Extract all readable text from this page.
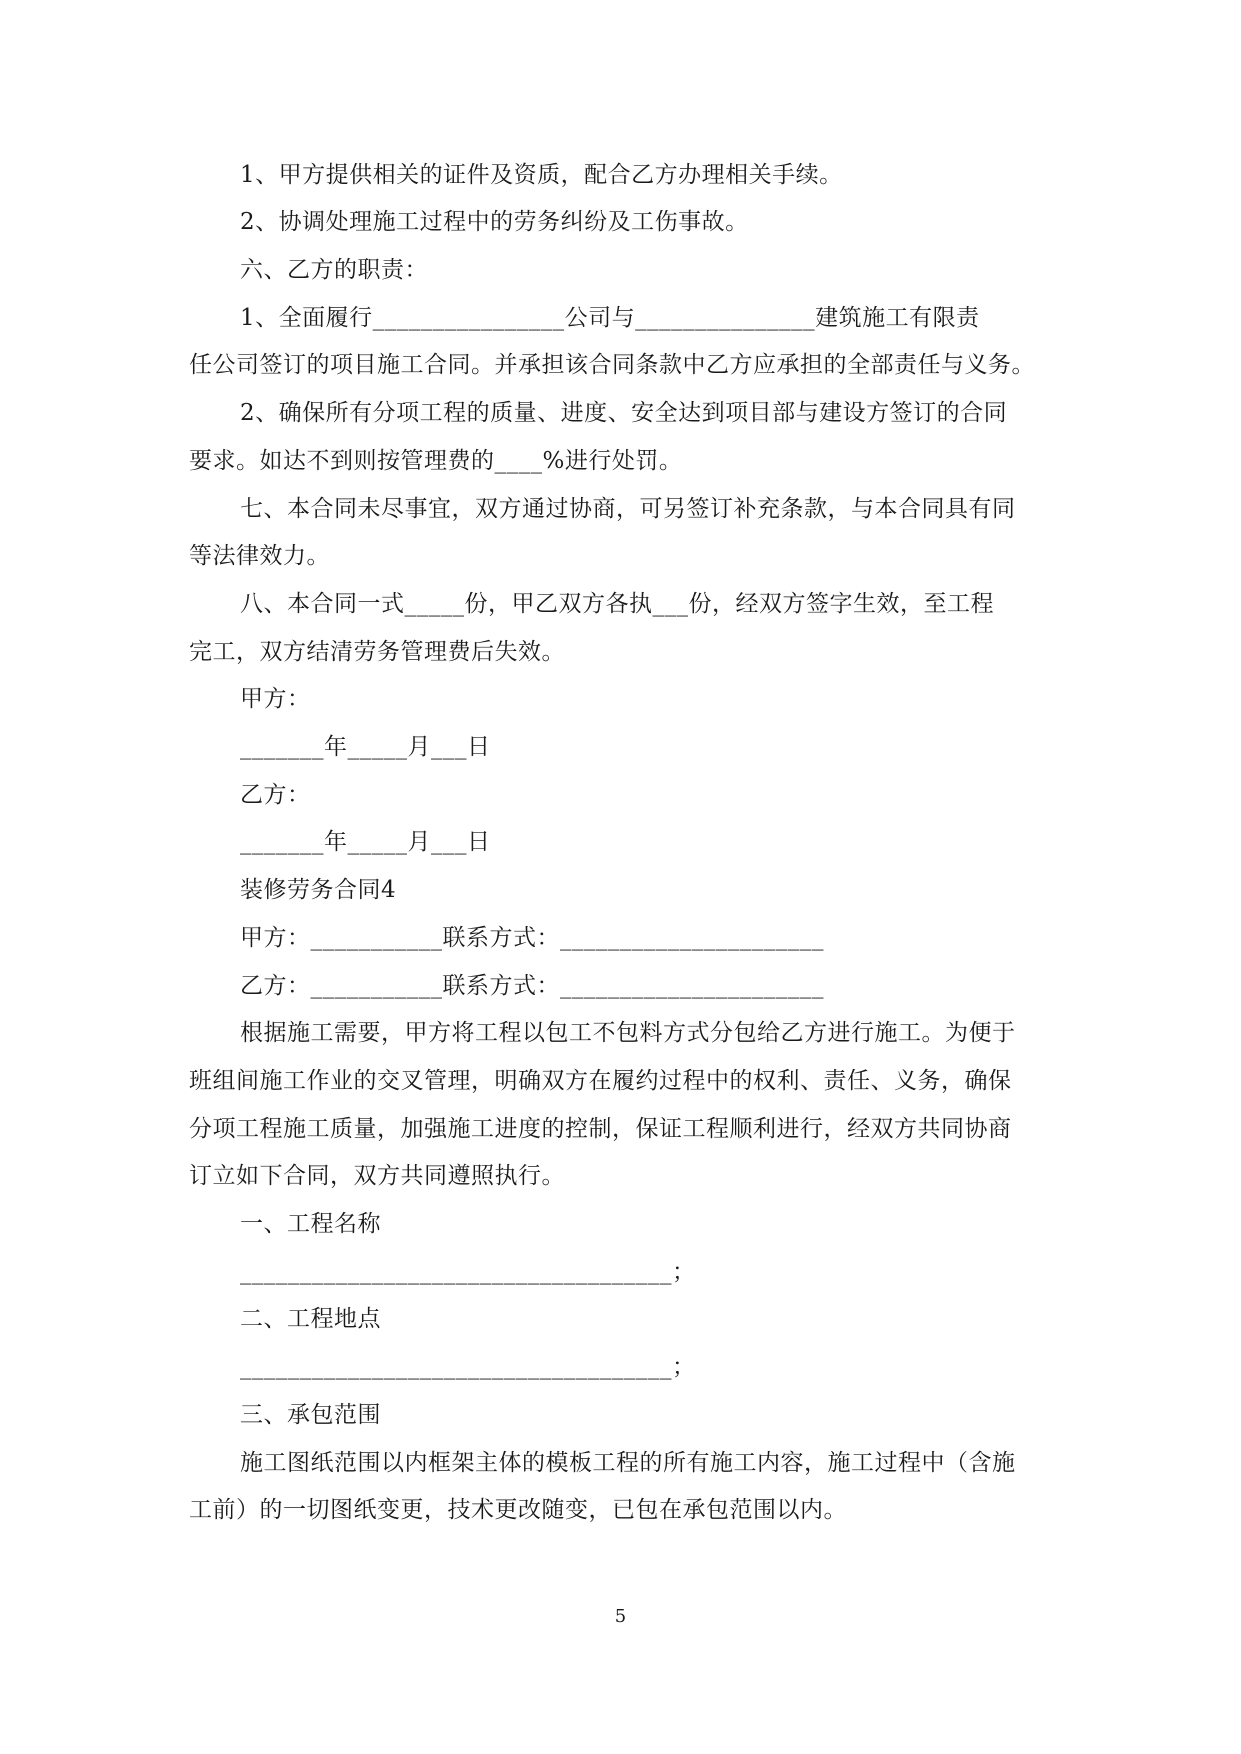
1、甲方提供相关的证件及资质，配合乙方办理相关手续。
2、协调处理施工过程中的劳务纠纷及工伤事故。
六、乙方的职责：
1、全面履行________________公司与_______________建筑施工有限责
任公司签订的项目施工合同。并承担该合同条款中乙方应承担的全部责任与义务。
2、确保所有分项工程的质量、进度、安全达到项目部与建设方签订的合同
要求。如达不到则按管理费的____%进行处罚。
七、本合同未尽事宜，双方通过协商，可另签订补充条款，与本合同具有同
等法律效力。
八、本合同一式_____份，甲乙双方各执___份，经双方签字生效，至工程
完工，双方结清劳务管理费后失效。
甲方：
_______年_____月___日
乙方：
_______年_____月___日
装修劳务合同4
甲方：___________联系方式：______________________
乙方：___________联系方式：______________________
根据施工需要，甲方将工程以包工不包料方式分包给乙方进行施工。为便于
班组间施工作业的交叉管理，明确双方在履约过程中的权利、责任、义务，确保
分项工程施工质量，加强施工进度的控制，保证工程顺利进行，经双方共同协商
订立如下合同，双方共同遵照执行。
一、工程名称
____________________________________；
二、工程地点
____________________________________；
三、承包范围
施工图纸范围以内框架主体的模板工程的所有施工内容，施工过程中（含施
工前）的一切图纸变更，技术更改随变，已包在承包范围以内。
5
